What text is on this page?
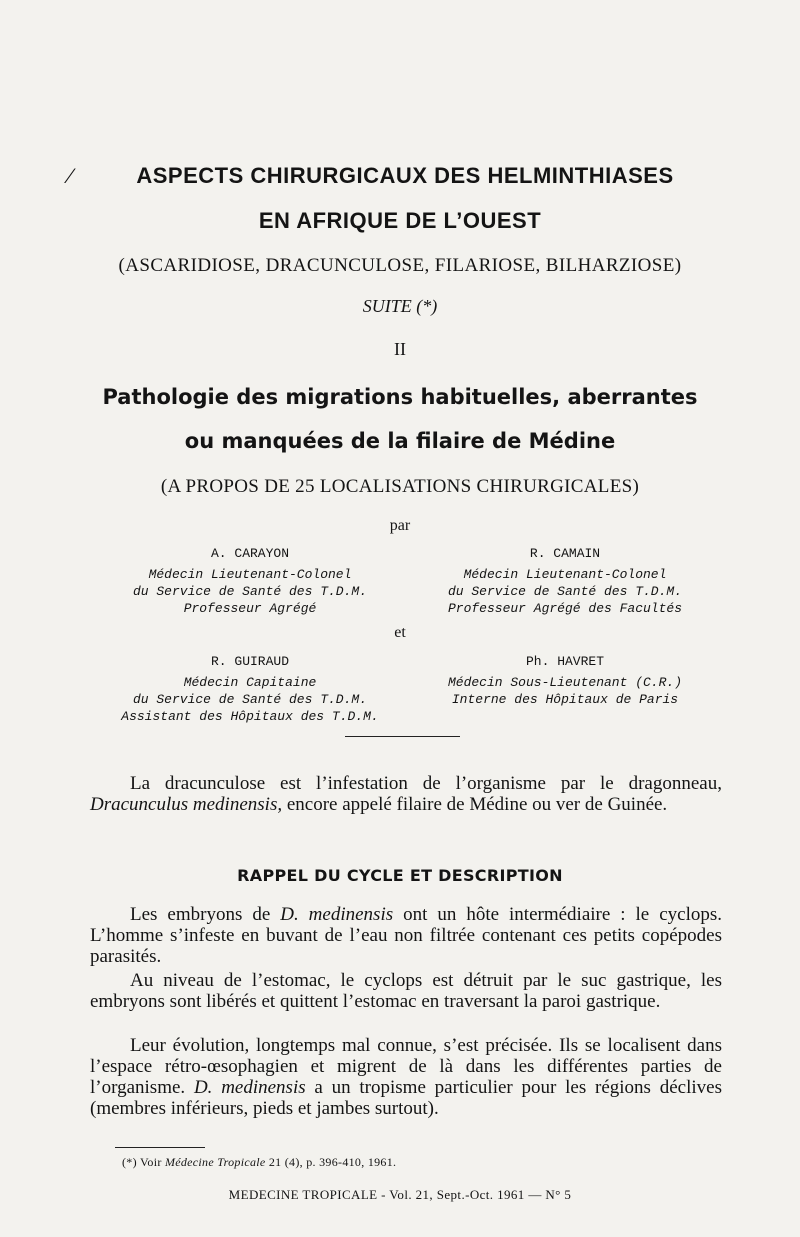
⁄	ASPECTS CHIRURGICAUX DES HELMINTHIASES
EN AFRIQUE DE L’OUEST
(ASCARIDIOSE, DRACUNCULOSE, FILARIOSE, BILHARZIOSE)
SUITE (*)
II
Pathologie des migrations habituelles, aberrantes
ou manquées de la filaire de Médine
(A PROPOS DE 25 LOCALISATIONS CHIRURGICALES)
par
A. CARAYON
Médecin Lieutenant-Colonel
du Service de Santé des T.D.M.
Professeur Agrégé
R. CAMAIN
Médecin Lieutenant-Colonel
du Service de Santé des T.D.M.
Professeur Agrégé des Facultés
et
R. GUIRAUD
Médecin Capitaine
du Service de Santé des T.D.M.
Assistant des Hôpitaux des T.D.M.
Ph. HAVRET
Médecin Sous-Lieutenant (C.R.)
Interne des Hôpitaux de Paris

La dracunculose est l’infestation de l’organisme par le dragonneau, Dracunculus medinensis, encore appelé filaire de Médine ou ver de Guinée.

RAPPEL DU CYCLE ET DESCRIPTION

Les embryons de D. medinensis ont un hôte intermédiaire : le cyclops. L’homme s’infeste en buvant de l’eau non filtrée contenant ces petits copépodes parasités.

Au niveau de l’estomac, le cyclops est détruit par le suc gastrique, les embryons sont libérés et quittent l’estomac en traversant la paroi gastrique.

Leur évolution, longtemps mal connue, s’est précisée. Ils se localisent dans l’espace rétro-œsophagien et migrent de là dans les différentes parties de l’organisme. D. medinensis a un tropisme particulier pour les régions déclives (membres inférieurs, pieds et jambes surtout).

(*) Voir Médecine Tropicale 21 (4), p. 396-410, 1961.
MEDECINE TROPICALE - Vol. 21, Sept.-Oct. 1961 — N° 5
